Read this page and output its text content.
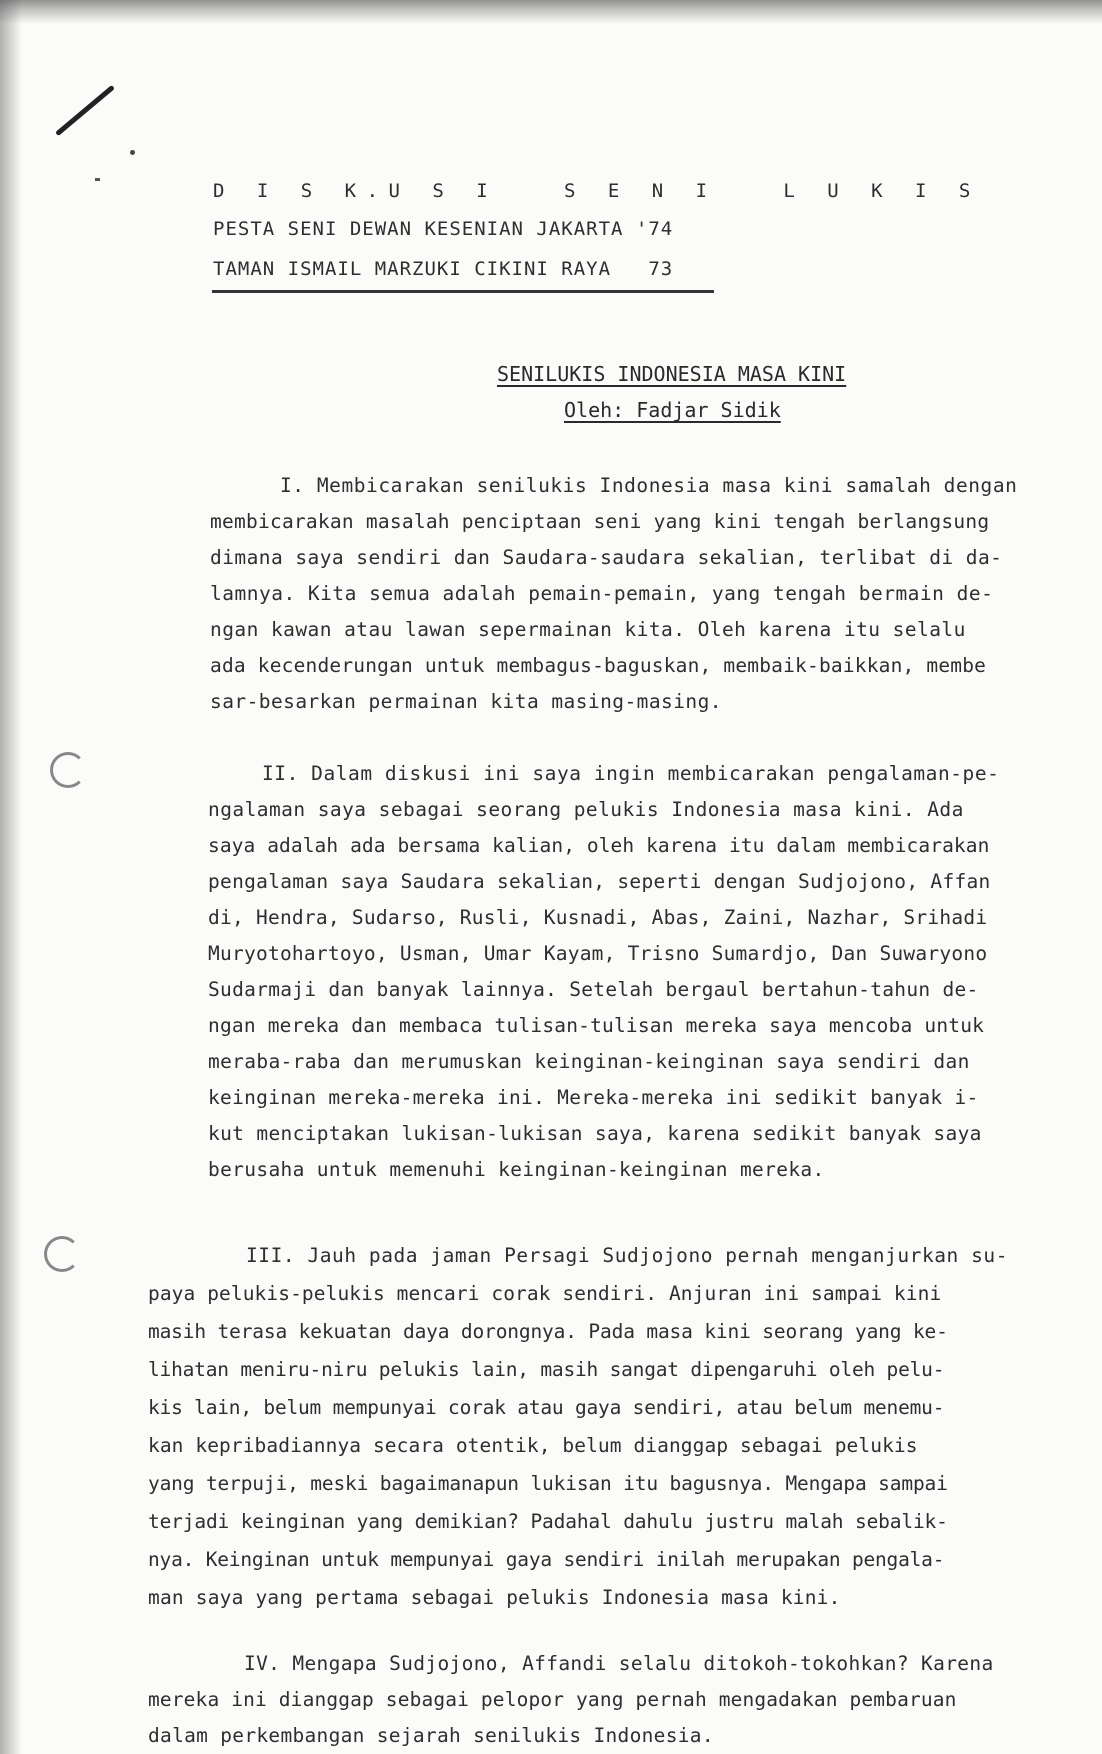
D I S K.U S I   S E N I   L U K I S
PESTA SENI DEWAN KESENIAN JAKARTA '74
TAMAN ISMAIL MARZUKI CIKINI RAYA   73
SENILUKIS INDONESIA MASA KINI
Oleh: Fadjar Sidik
I. Membicarakan senilukis Indonesia masa kini samalah dengan
membicarakan masalah penciptaan seni yang kini tengah berlangsung
dimana saya sendiri dan Saudara-saudara sekalian, terlibat di da-
lamnya. Kita semua adalah pemain-pemain, yang tengah bermain de-
ngan kawan atau lawan sepermainan kita. Oleh karena itu selalu
ada kecenderungan untuk membagus-baguskan, membaik-baikkan, membe
sar-besarkan permainan kita masing-masing.
II. Dalam diskusi ini saya ingin membicarakan pengalaman-pe-
ngalaman saya sebagai seorang pelukis Indonesia masa kini. Ada
saya adalah ada bersama kalian, oleh karena itu dalam membicarakan
pengalaman saya Saudara sekalian, seperti dengan Sudjojono, Affan
di, Hendra, Sudarso, Rusli, Kusnadi, Abas, Zaini, Nazhar, Srihadi
Muryotohartoyo, Usman, Umar Kayam, Trisno Sumardjo, Dan Suwaryono
Sudarmaji dan banyak lainnya. Setelah bergaul bertahun-tahun de-
ngan mereka dan membaca tulisan-tulisan mereka saya mencoba untuk
meraba-raba dan merumuskan keinginan-keinginan saya sendiri dan
keinginan mereka-mereka ini. Mereka-mereka ini sedikit banyak i-
kut menciptakan lukisan-lukisan saya, karena sedikit banyak saya
berusaha untuk memenuhi keinginan-keinginan mereka.
III. Jauh pada jaman Persagi Sudjojono pernah menganjurkan su-
paya pelukis-pelukis mencari corak sendiri. Anjuran ini sampai kini
masih terasa kekuatan daya dorongnya. Pada masa kini seorang yang ke-
lihatan meniru-niru pelukis lain, masih sangat dipengaruhi oleh pelu-
kis lain, belum mempunyai corak atau gaya sendiri, atau belum menemu-
kan kepribadiannya secara otentik, belum dianggap sebagai pelukis
yang terpuji, meski bagaimanapun lukisan itu bagusnya. Mengapa sampai
terjadi keinginan yang demikian? Padahal dahulu justru malah sebalik-
nya. Keinginan untuk mempunyai gaya sendiri inilah merupakan pengala-
man saya yang pertama sebagai pelukis Indonesia masa kini.
IV. Mengapa Sudjojono, Affandi selalu ditokoh-tokohkan? Karena
mereka ini dianggap sebagai pelopor yang pernah mengadakan pembaruan
dalam perkembangan sejarah senilukis Indonesia.
